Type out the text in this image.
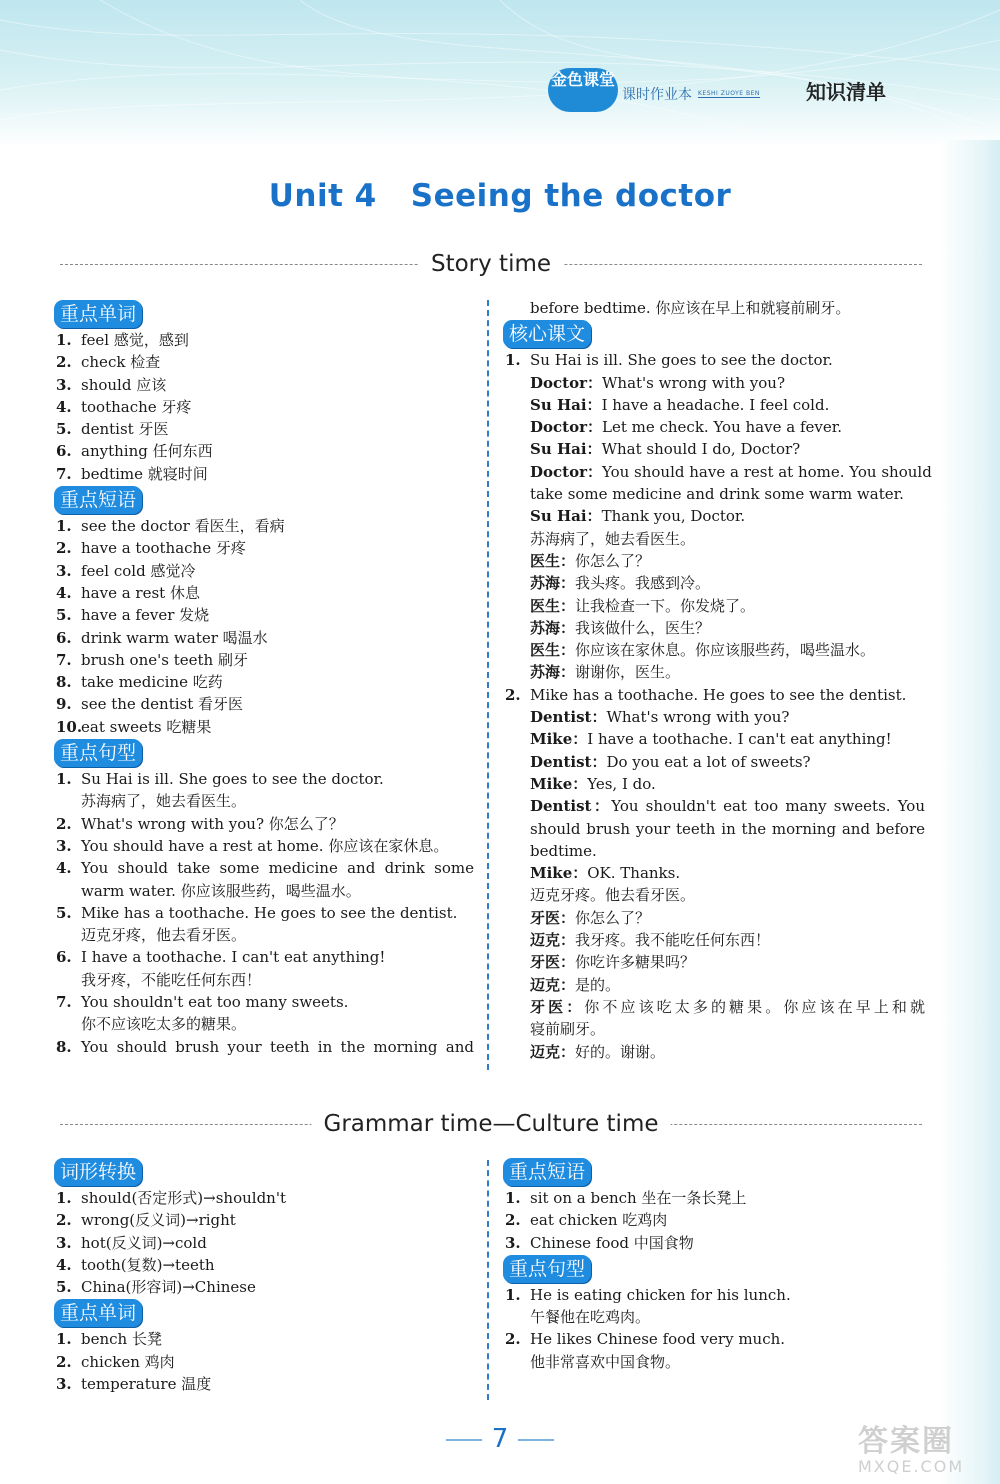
金色课堂
课时作业本 KESHI ZUOYE BEN 知识清单
Unit 4 Seeing the doctor
Story time
重点单词
1. feel 感觉，感到
2. check 检查
3. should 应该
4. toothache 牙疼
5. dentist 牙医
6. anything 任何东西
7. bedtime 就寝时间
重点短语
1. see the doctor 看医生，看病
2. have a toothache 牙疼
3. feel cold 感觉冷
4. have a rest 休息
5. have a fever 发烧
6. drink warm water 喝温水
7. brush one's teeth 刷牙
8. take medicine 吃药
9. see the dentist 看牙医
10.eat sweets 吃糖果
重点句型
1. Su Hai is ill. She goes to see the doctor.
苏海病了，她去看医生。
2. What's wrong with you? 你怎么了？
3. You should have a rest at home. 你应该在家休息。
4. You should take some medicine and drink some
warm water. 你应该服些药，喝些温水。
5. Mike has a toothache. He goes to see the dentist.
迈克牙疼，他去看牙医。
6. I have a toothache. I can't eat anything!
我牙疼，不能吃任何东西！
7. You shouldn't eat too many sweets.
你不应该吃太多的糖果。
8. You should brush your teeth in the morning and
before bedtime. 你应该在早上和就寝前刷牙。
核心课文
1. Su Hai is ill. She goes to see the doctor.
Doctor：What's wrong with you?
Su Hai：I have a headache. I feel cold.
Doctor：Let me check. You have a fever.
Su Hai：What should I do, Doctor?
Doctor：You should have a rest at home. You should
take some medicine and drink some warm water.
Su Hai：Thank you, Doctor.
苏海病了，她去看医生。
医生：你怎么了？
苏海：我头疼。我感到冷。
医生：让我检查一下。你发烧了。
苏海：我该做什么，医生？
医生：你应该在家休息。你应该服些药，喝些温水。
苏海：谢谢你，医生。
2. Mike has a toothache. He goes to see the dentist.
Dentist：What's wrong with you?
Mike：I have a toothache. I can't eat anything!
Dentist：Do you eat a lot of sweets?
Mike：Yes, I do.
Dentist：You shouldn't eat too many sweets. You
should brush your teeth in the morning and before
bedtime.
Mike：OK. Thanks.
迈克牙疼。他去看牙医。
牙医：你怎么了？
迈克：我牙疼。我不能吃任何东西！
牙医：你吃许多糖果吗？
迈克：是的。
牙医：你不应该吃太多的糖果。你应该在早上和就
寝前刷牙。
迈克：好的。谢谢。
Grammar time—Culture time
词形转换
1. should(否定形式)→shouldn't
2. wrong(反义词)→right
3. hot(反义词)→cold
4. tooth(复数)→teeth
5. China(形容词)→Chinese
重点单词
1. bench 长凳
2. chicken 鸡肉
3. temperature 温度
重点短语
1. sit on a bench 坐在一条长凳上
2. eat chicken 吃鸡肉
3. Chinese food 中国食物
重点句型
1. He is eating chicken for his lunch.
午餐他在吃鸡肉。
2. He likes Chinese food very much.
他非常喜欢中国食物。
7	答案圈
MXQE.COM
